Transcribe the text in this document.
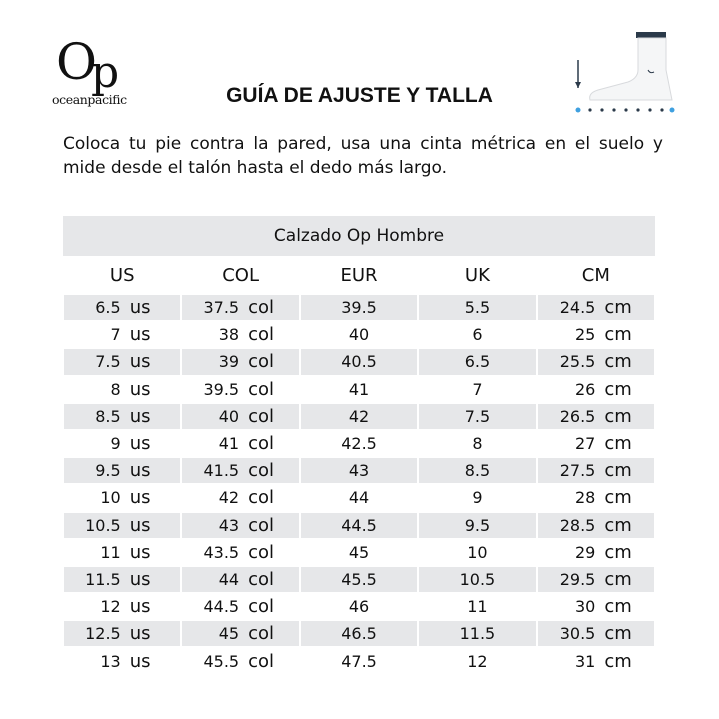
Op
oceanpacific	GUÍA DE AJUSTE Y TALLA
Coloca tu pie contra la pared, usa una cinta métrica en el suelo y mide desde el talón hasta el dedo más largo.
Calzado Op Hombre
US	COL	EUR	UK	CM
6.5 us	37.5 col	39.5	5.5	24.5 cm
7 us	38 col	40	6	25 cm
7.5 us	39 col	40.5	6.5	25.5 cm
8 us	39.5 col	41	7	26 cm
8.5 us	40 col	42	7.5	26.5 cm
9 us	41 col	42.5	8	27 cm
9.5 us	41.5 col	43	8.5	27.5 cm
10 us	42 col	44	9	28 cm
10.5 us	43 col	44.5	9.5	28.5 cm
11 us	43.5 col	45	10	29 cm
11.5 us	44 col	45.5	10.5	29.5 cm
12 us	44.5 col	46	11	30 cm
12.5 us	45 col	46.5	11.5	30.5 cm
13 us	45.5 col	47.5	12	31 cm
